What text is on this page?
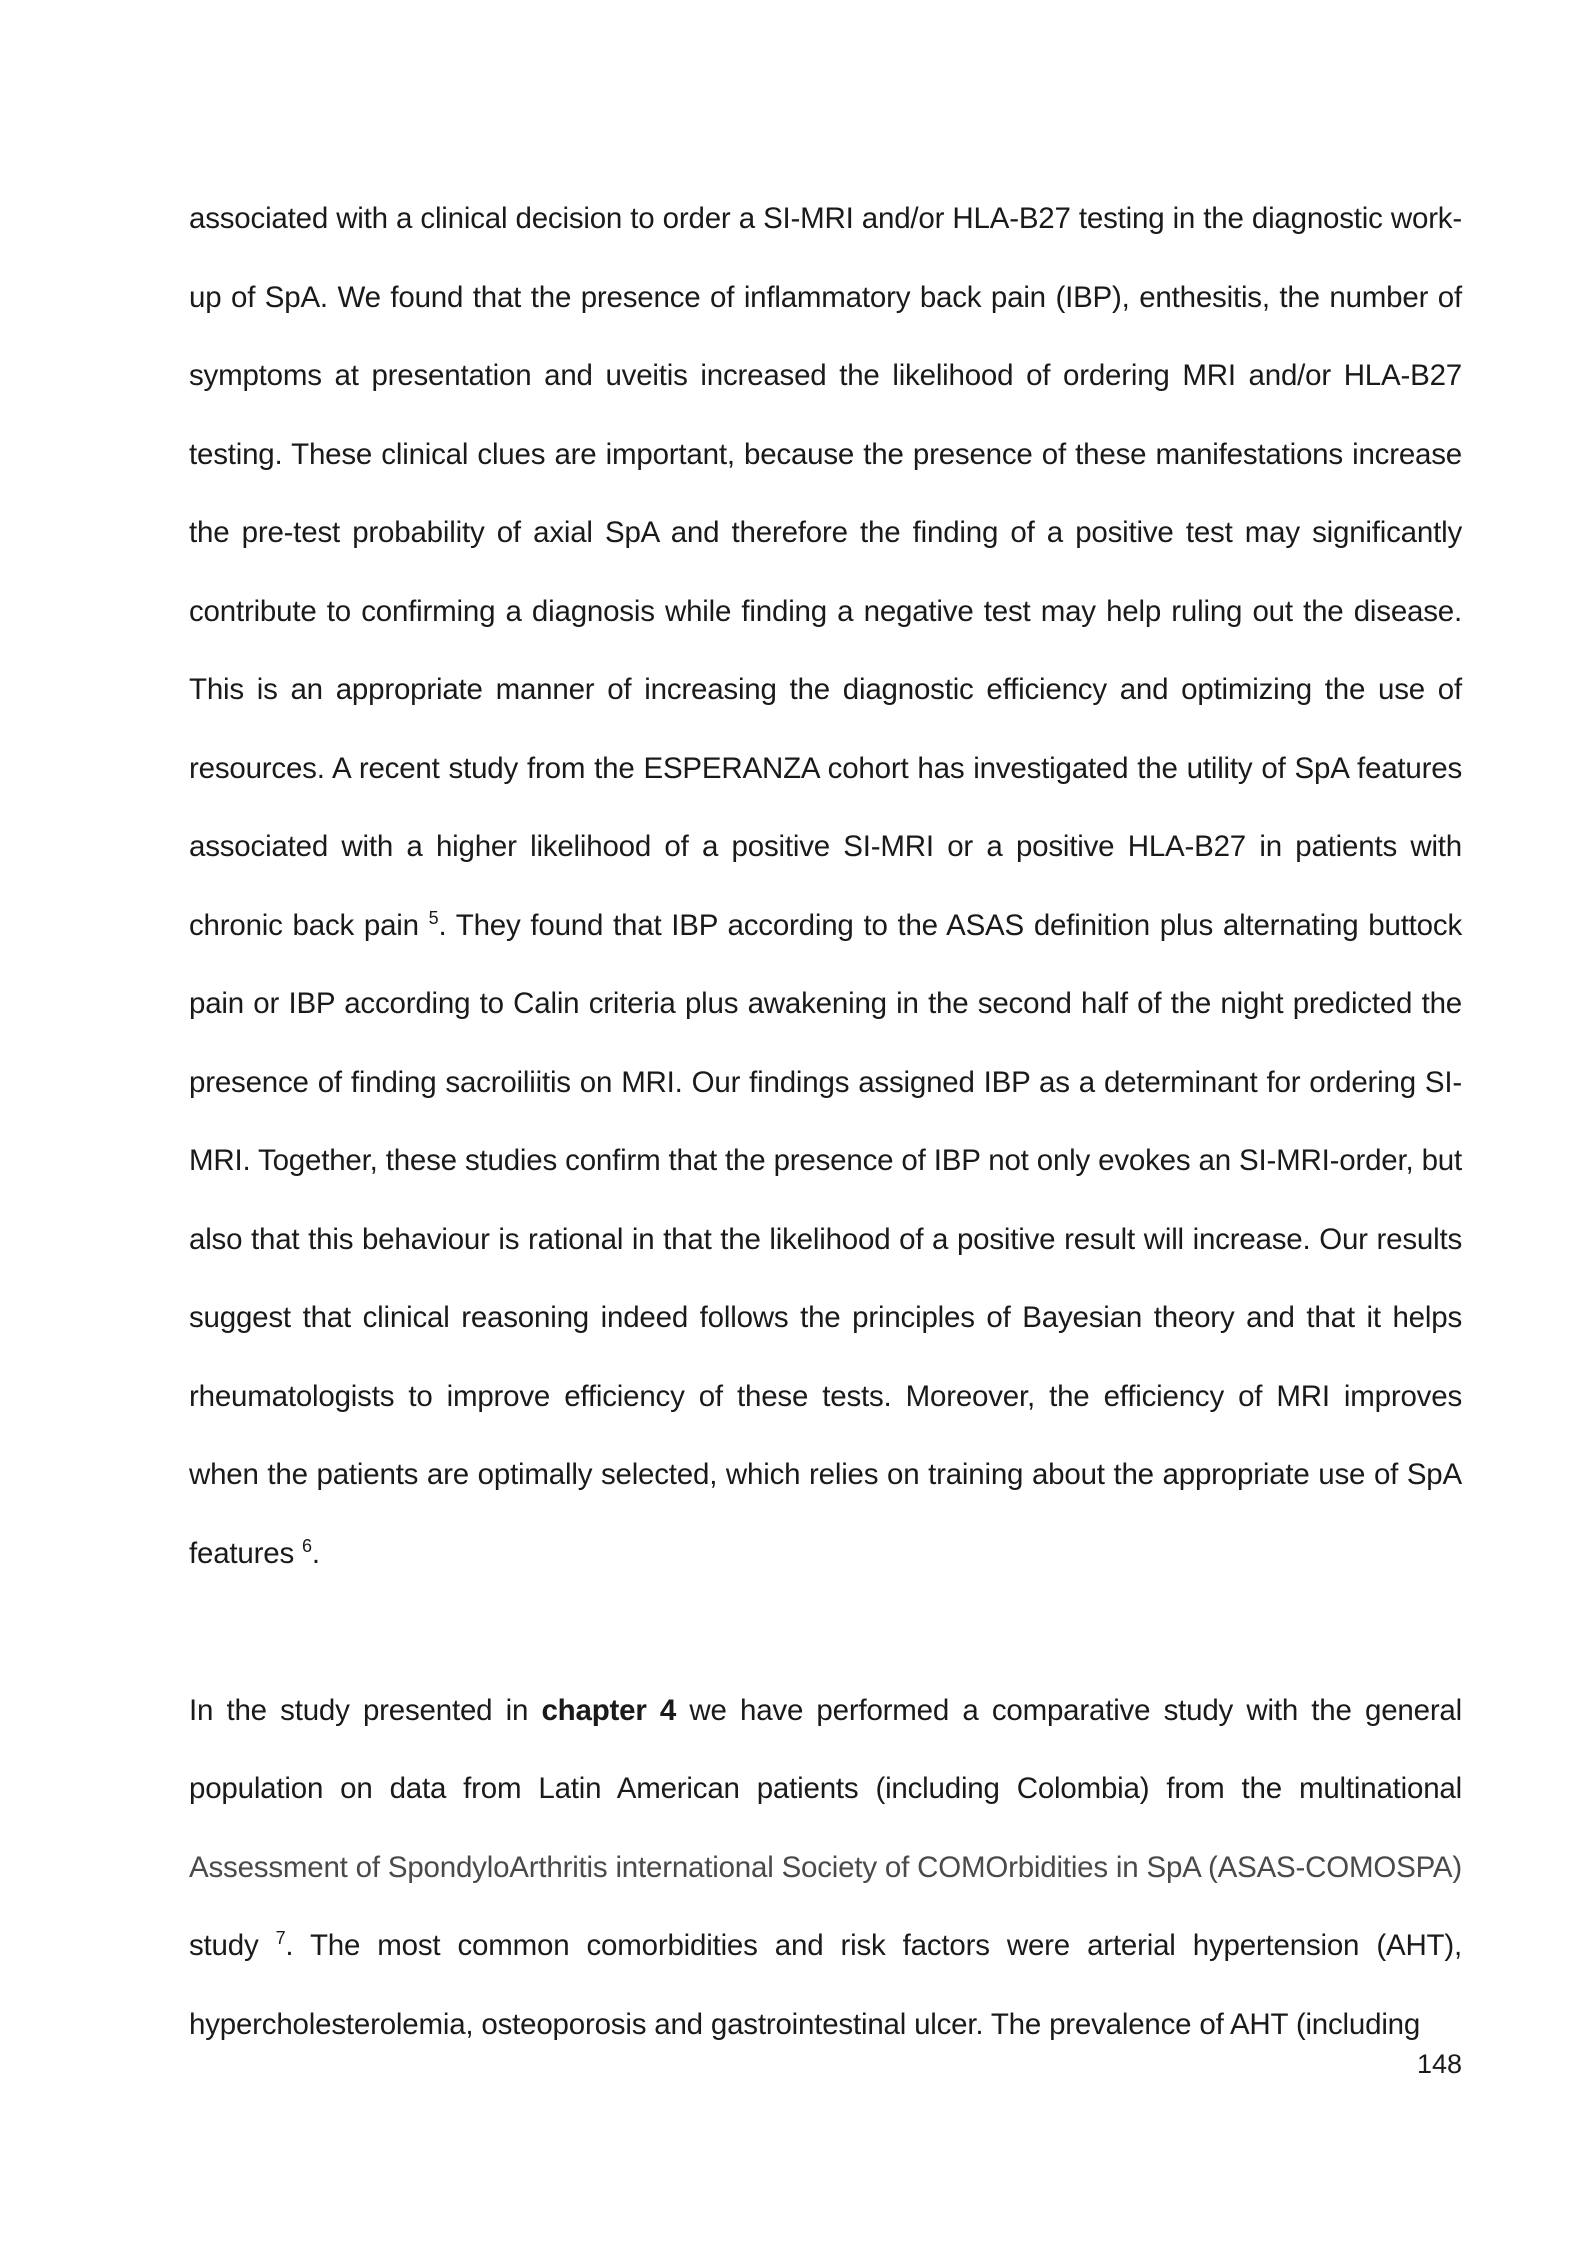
associated with a clinical decision to order a SI-MRI and/or HLA-B27 testing in the diagnostic work-up of SpA. We found that the presence of inflammatory back pain (IBP), enthesitis, the number of symptoms at presentation and uveitis increased the likelihood of ordering MRI and/or HLA-B27 testing. These clinical clues are important, because the presence of these manifestations increase the pre-test probability of axial SpA and therefore the finding of a positive test may significantly contribute to confirming a diagnosis while finding a negative test may help ruling out the disease. This is an appropriate manner of increasing the diagnostic efficiency and optimizing the use of resources. A recent study from the ESPERANZA cohort has investigated the utility of SpA features associated with a higher likelihood of a positive SI-MRI or a positive HLA-B27 in patients with chronic back pain $^5$. They found that IBP according to the ASAS definition plus alternating buttock pain or IBP according to Calin criteria plus awakening in the second half of the night predicted the presence of finding sacroiliitis on MRI. Our findings assigned IBP as a determinant for ordering SI-MRI. Together, these studies confirm that the presence of IBP not only evokes an SI-MRI-order, but also that this behaviour is rational in that the likelihood of a positive result will increase. Our results suggest that clinical reasoning indeed follows the principles of Bayesian theory and that it helps rheumatologists to improve efficiency of these tests. Moreover, the efficiency of MRI improves when the patients are optimally selected, which relies on training about the appropriate use of SpA features $^6$.

In the study presented in chapter 4 we have performed a comparative study with the general population on data from Latin American patients (including Colombia) from the multinational Assessment of SpondyloArthritis international Society of COMOrbidities in SpA (ASAS-COMOSPA) study $^7$. The most common comorbidities and risk factors were arterial hypertension (AHT), hypercholesterolemia, osteoporosis and gastrointestinal ulcer. The prevalence of AHT (including

148
